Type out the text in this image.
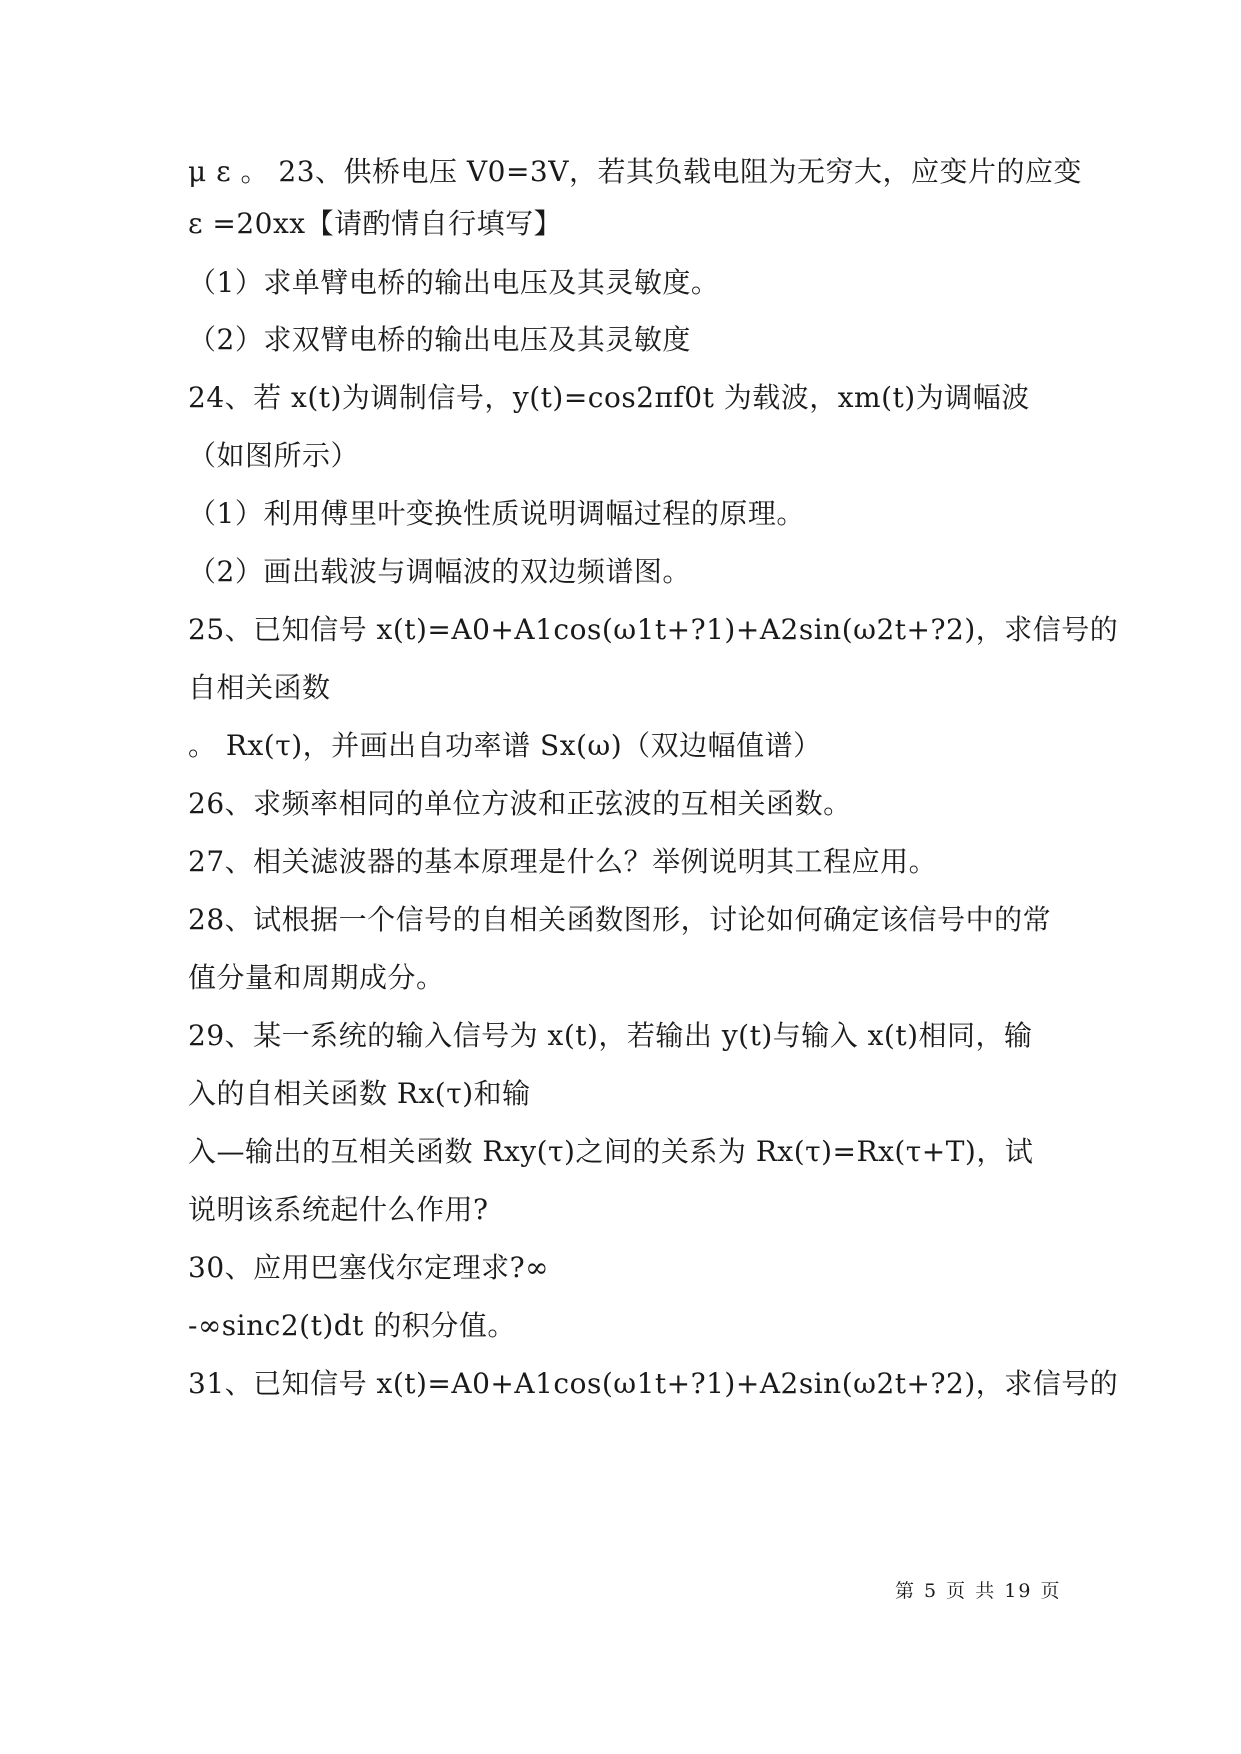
μ ε 。 23、供桥电压 V0=3V，若其负载电阻为无穷大，应变片的应变
ε =20xx【请酌情自行填写】
（1）求单臂电桥的输出电压及其灵敏度。
（2）求双臂电桥的输出电压及其灵敏度
24、若 x(t)为调制信号，y(t)=cos2πf0t 为载波，xm(t)为调幅波
（如图所示）
（1）利用傅里叶变换性质说明调幅过程的原理。
（2）画出载波与调幅波的双边频谱图。
25、已知信号 x(t)=A0+A1cos(ω1t+?1)+A2sin(ω2t+?2)，求信号的
自相关函数
。 Rx(τ)，并画出自功率谱 Sx(ω)（双边幅值谱）
26、求频率相同的单位方波和正弦波的互相关函数。
27、相关滤波器的基本原理是什么？举例说明其工程应用。
28、试根据一个信号的自相关函数图形，讨论如何确定该信号中的常
值分量和周期成分。
29、某一系统的输入信号为 x(t)，若输出 y(t)与输入 x(t)相同，输
入的自相关函数 Rx(τ)和输
入—输出的互相关函数 Rxy(τ)之间的关系为 Rx(τ)=Rx(τ+T)，试
说明该系统起什么作用?
30、应用巴塞伐尔定理求?∞
-∞sinc2(t)dt 的积分值。
31、已知信号 x(t)=A0+A1cos(ω1t+?1)+A2sin(ω2t+?2)，求信号的
第 5 页 共 19 页
